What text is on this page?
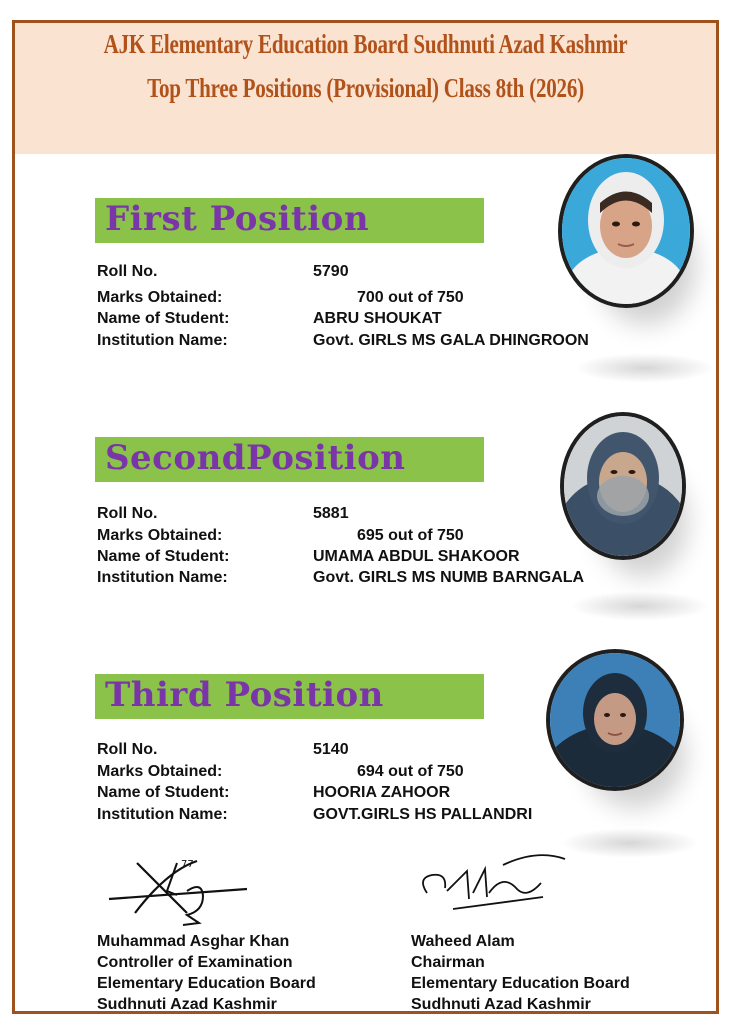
AJK Elementary Education Board Sudhnuti Azad Kashmir
Top Three Positions (Provisional) Class 8th (2026)
First Position
Roll No.	5790
Marks Obtained:	700 out of 750
Name of Student:	ABRU SHOUKAT
Institution Name:	Govt. GIRLS MS GALA DHINGROON
SecondPosition
Roll No.	5881
Marks Obtained:	695 out of 750
Name of Student:	UMAMA ABDUL SHAKOOR
Institution Name:	Govt. GIRLS MS NUMB BARNGALA
Third Position
Roll No.	5140
Marks Obtained:	694 out of 750
Name of Student:	HOORIA ZAHOOR
Institution Name:	GOVT.GIRLS HS PALLANDRI
77
Muhammad Asghar Khan
Controller of Examination
Elementary Education Board
Sudhnuti Azad Kashmir
Waheed Alam
Chairman
Elementary Education Board
Sudhnuti Azad Kashmir
